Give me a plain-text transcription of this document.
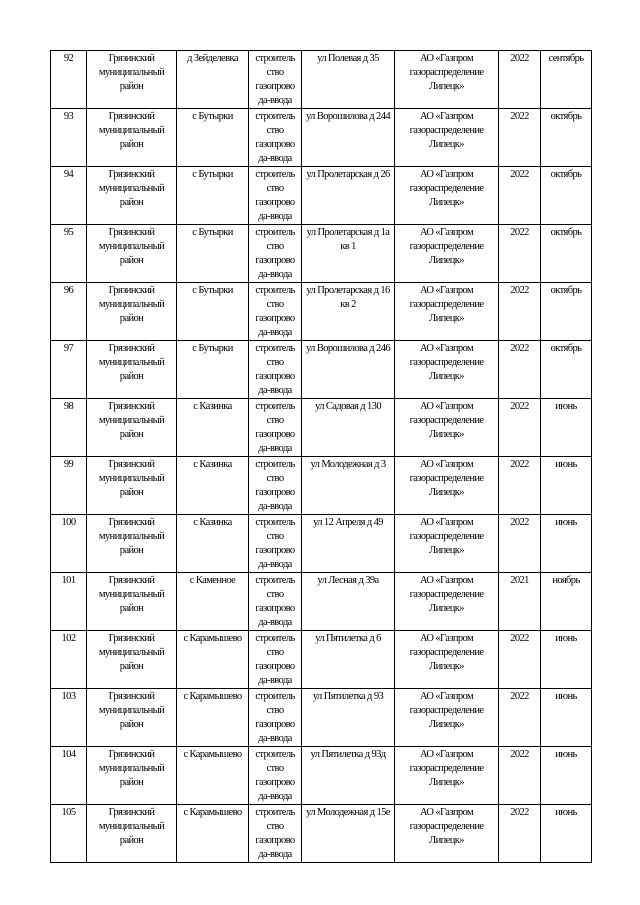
92	Грязинский муниципальный район	д Зейделевка	строитель ство газопрово да-ввода	ул Полевая д 35	АО «Газпром газораспределение Липецк»	2022	сентябрь
93	Грязинский муниципальный район	с Бутырки	строитель ство газопрово да-ввода	ул Ворошилова д 244	АО «Газпром газораспределение Липецк»	2022	октябрь
94	Грязинский муниципальный район	с Бутырки	строитель ство газопрово да-ввода	ул Пролетарская д 26	АО «Газпром газораспределение Липецк»	2022	октябрь
95	Грязинский муниципальный район	с Бутырки	строитель ство газопрово да-ввода	ул Пролетарская д 1а кв 1	АО «Газпром газораспределение Липецк»	2022	октябрь
96	Грязинский муниципальный район	с Бутырки	строитель ство газопрово да-ввода	ул Пролетарская д 16 кв 2	АО «Газпром газораспределение Липецк»	2022	октябрь
97	Грязинский муниципальный район	с Бутырки	строитель ство газопрово да-ввода	ул Ворошилова д 246	АО «Газпром газораспределение Липецк»	2022	октябрь
98	Грязинский муниципальный район	с Казинка	строитель ство газопрово да-ввода	ул Садовая д 130	АО «Газпром газораспределение Липецк»	2022	июнь
99	Грязинский муниципальный район	с Казинка	строитель ство газопрово да-ввода	ул Молодежная д 3	АО «Газпром газораспределение Липецк»	2022	июнь
100	Грязинский муниципальный район	с Казинка	строитель ство газопрово да-ввода	ул 12 Апреля д 49	АО «Газпром газораспределение Липецк»	2022	июнь
101	Грязинский муниципальный район	с Каменное	строитель ство газопрово да-ввода	ул Лесная д 39а	АО «Газпром газораспределение Липецк»	2021	ноябрь
102	Грязинский муниципальный район	с Карамышево	строитель ство газопрово да-ввода	ул Пятилетка д 6	АО «Газпром газораспределение Липецк»	2022	июнь
103	Грязинский муниципальный район	с Карамышево	строитель ство газопрово да-ввода	ул Пятилетка д 93	АО «Газпром газораспределение Липецк»	2022	июнь
104	Грязинский муниципальный район	с Карамышево	строитель ство газопрово да-ввода	ул Пятилетка д 93д	АО «Газпром газораспределение Липецк»	2022	июнь
105	Грязинский муниципальный район	с Карамышево	строитель ство газопрово да-ввода	ул Молодежная д 15е	АО «Газпром газораспределение Липецк»	2022	июнь
